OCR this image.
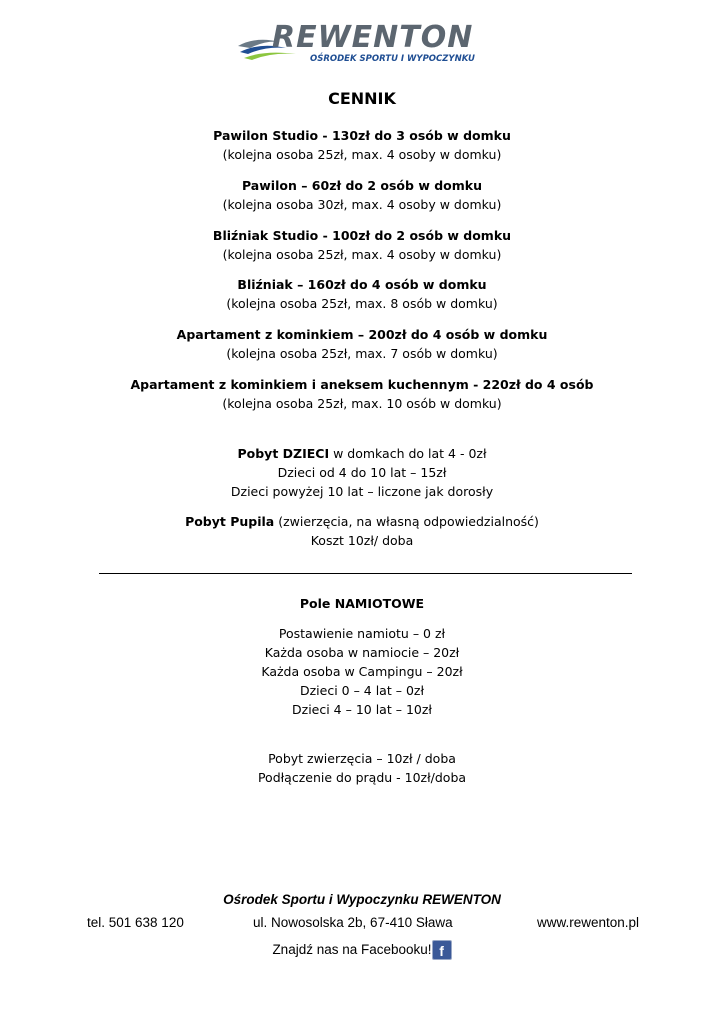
REWENTON
OŚRODEK SPORTU I WYPOCZYNKU
CENNIK
Pawilon Studio - 130zł do 3 osób w domku
(kolejna osoba 25zł, max. 4 osoby w domku)
Pawilon – 60zł do 2 osób w domku
(kolejna osoba 30zł, max. 4 osoby w domku)
Bliźniak Studio - 100zł do 2 osób w domku
(kolejna osoba 25zł, max. 4 osoby w domku)
Bliźniak – 160zł do 4 osób w domku
(kolejna osoba 25zł, max. 8 osób w domku)
Apartament z kominkiem – 200zł do 4 osób w domku
(kolejna osoba 25zł, max. 7 osób w domku)
Apartament z kominkiem i aneksem kuchennym - 220zł do 4 osób
(kolejna osoba 25zł, max. 10 osób w domku)
Pobyt DZIECI w domkach do lat 4 - 0zł
Dzieci od 4 do 10 lat – 15zł
Dzieci powyżej 10 lat – liczone jak dorosły
Pobyt Pupila (zwierzęcia, na własną odpowiedzialność)
Koszt 10zł/ doba
Pole NAMIOTOWE
Postawienie namiotu – 0 zł
Każda osoba w namiocie – 20zł
Każda osoba w Campingu – 20zł
Dzieci 0 – 4 lat – 0zł
Dzieci 4 – 10 lat – 10zł
Pobyt zwierzęcia – 10zł / doba
Podłączenie do prądu - 10zł/doba
Ośrodek Sportu i Wypoczynku REWENTON
tel. 501 638 120	ul. Nowosolska 2b, 67-410 Sława	www.rewenton.pl
Znajdź nas na Facebooku! f
